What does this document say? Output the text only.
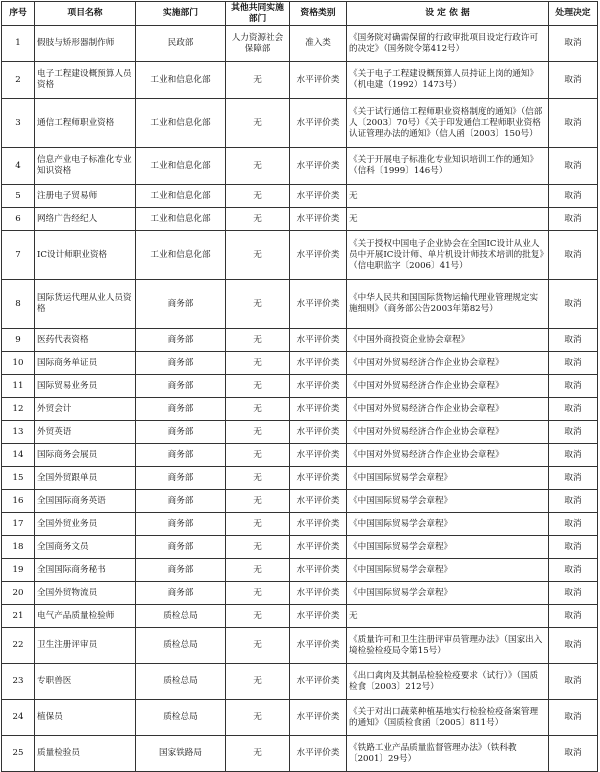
序号	项目名称	实施部门	其他共同实施部门	资格类别	设 定 依 据	处理决定
1	假肢与矫形器制作师	民政部	人力资源社会保障部	准入类	《国务院对确需保留的行政审批项目设定行政许可的决定》（国务院令第412号）	取消
2	电子工程建设概预算人员资格	工业和信息化部	无	水平评价类	《关于电子工程建设概预算人员持证上岗的通知》（机电建（1992）1473号）	取消
3	通信工程师职业资格	工业和信息化部	无	水平评价类	《关于试行通信工程师职业资格制度的通知》（信部人〔2003〕70号）《关于印发通信工程师职业资格认证管理办法的通知》（信人函〔2003〕150号）	取消
4	信息产业电子标准化专业知识资格	工业和信息化部	无	水平评价类	《关于开展电子标准化专业知识培训工作的通知》（信科〔1999〕146号）	取消
5	注册电子贸易师	工业和信息化部	无	水平评价类	无	取消
6	网络广告经纪人	工业和信息化部	无	水平评价类	无	取消
7	IC设计师职业资格	工业和信息化部	无	水平评价类	《关于授权中国电子企业协会在全国IC设计从业人员中开展IC设计师、单片机设计师技术培训的批复》（信电职监字〔2006〕41号）	取消
8	国际货运代理从业人员资格	商务部	无	水平评价类	《中华人民共和国国际货物运输代理业管理规定实施细则》（商务部公告2003年第82号）	取消
9	医药代表资格	商务部	无	水平评价类	《中国外商投资企业协会章程》	取消
10	国际商务单证员	商务部	无	水平评价类	《中国对外贸易经济合作企业协会章程》	取消
11	国际贸易业务员	商务部	无	水平评价类	《中国对外贸易经济合作企业协会章程》	取消
12	外贸会计	商务部	无	水平评价类	《中国对外贸易经济合作企业协会章程》	取消
13	外贸英语	商务部	无	水平评价类	《中国对外贸易经济合作企业协会章程》	取消
14	国际商务会展员	商务部	无	水平评价类	《中国对外贸易经济合作企业协会章程》	取消
15	全国外贸跟单员	商务部	无	水平评价类	《中国国际贸易学会章程》	取消
16	全国国际商务英语	商务部	无	水平评价类	《中国国际贸易学会章程》	取消
17	全国外贸业务员	商务部	无	水平评价类	《中国国际贸易学会章程》	取消
18	全国商务文员	商务部	无	水平评价类	《中国国际贸易学会章程》	取消
19	全国国际商务秘书	商务部	无	水平评价类	《中国国际贸易学会章程》	取消
20	全国外贸物流员	商务部	无	水平评价类	《中国国际贸易学会章程》	取消
21	电气产品质量检验师	质检总局	无	水平评价类	无	取消
22	卫生注册评审员	质检总局	无	水平评价类	《质量许可和卫生注册评审员管理办法》（国家出入境检验检疫局令第15号）	取消
23	专职兽医	质检总局	无	水平评价类	《出口禽肉及其制品检验检疫要求（试行）》（国质检食〔2003〕212号）	取消
24	植保员	质检总局	无	水平评价类	《关于对出口蔬菜种植基地实行检验检疫备案管理的通知》（国质检食函〔2005〕811号）	取消
25	质量检验员	国家铁路局	无	水平评价类	《铁路工业产品质量监督管理办法》（铁科教〔2001〕29号）	取消
